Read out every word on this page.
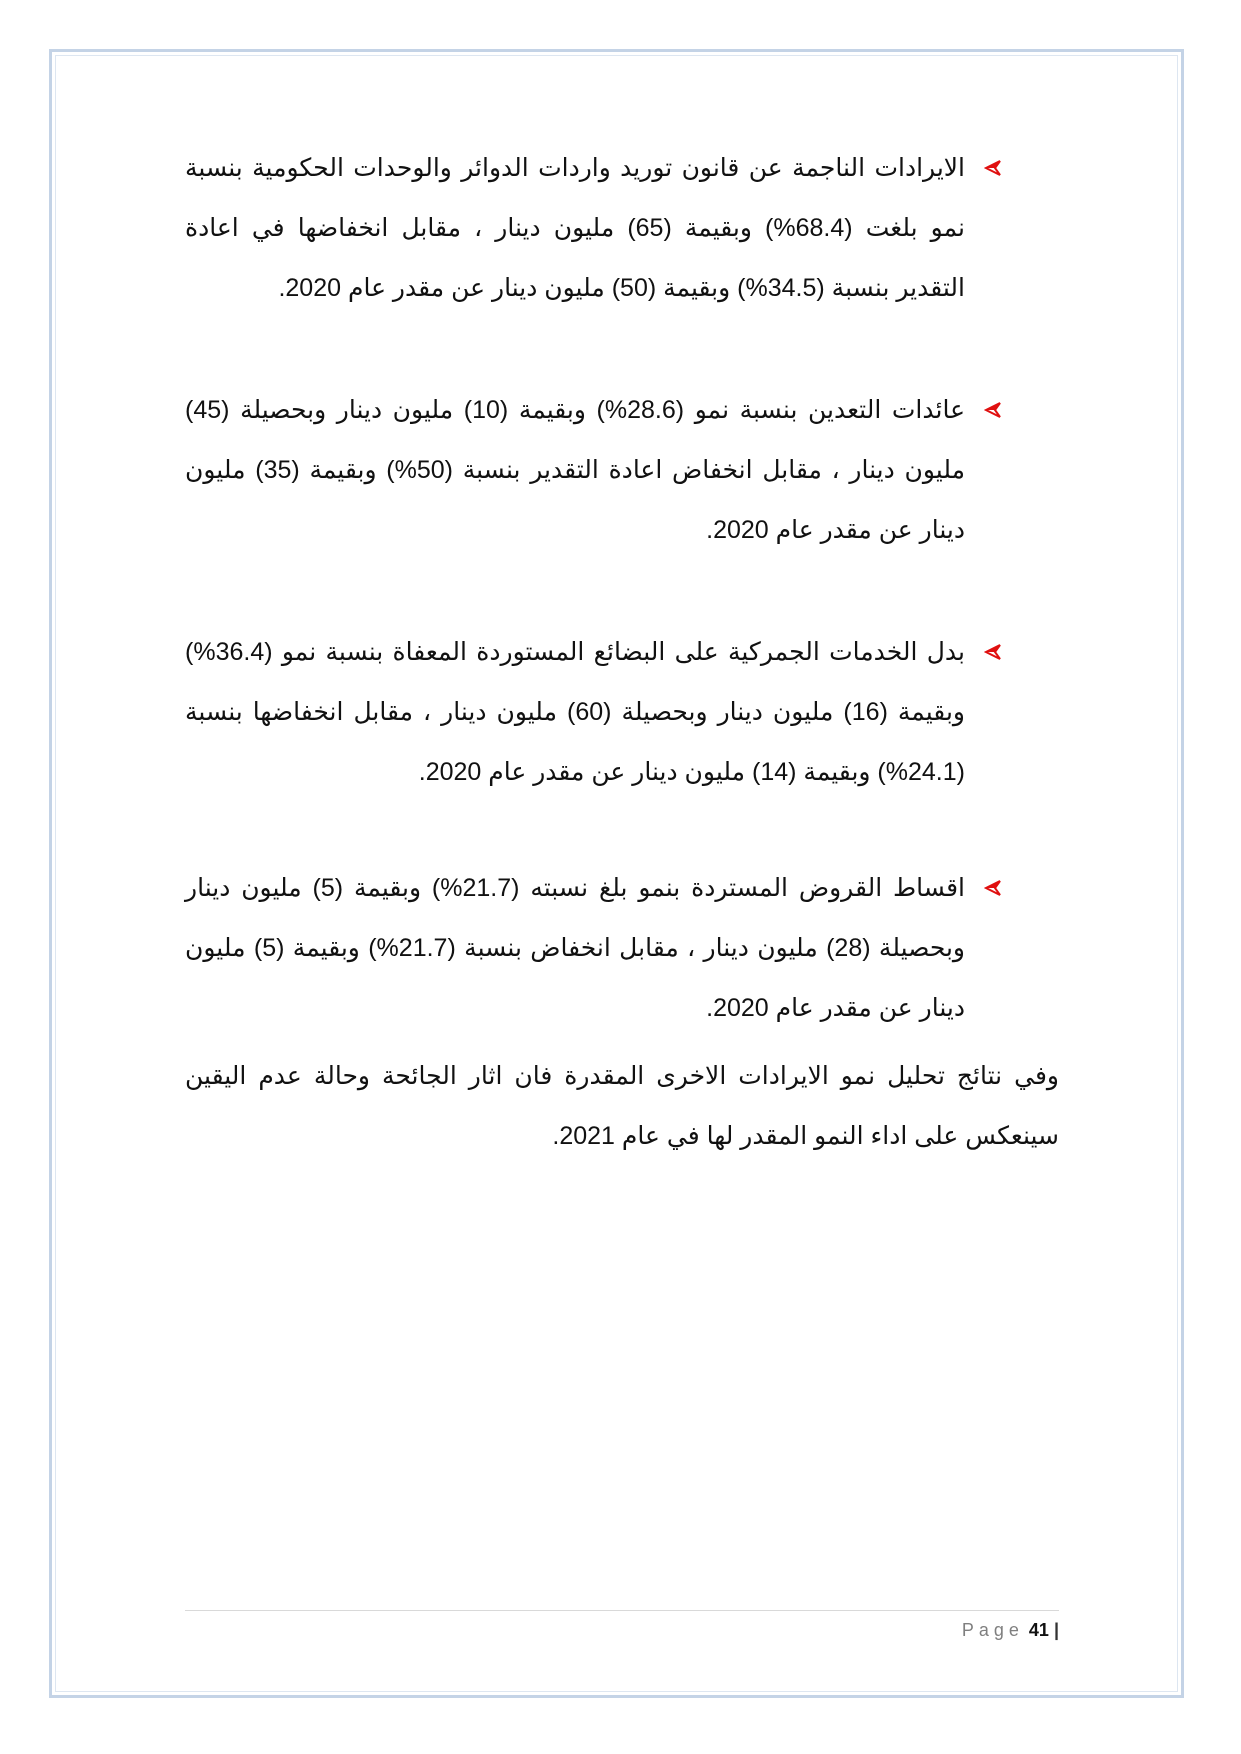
الايرادات الناجمة عن قانون توريد واردات الدوائر والوحدات الحكومية بنسبة نمو بلغت (68.4%) وبقيمة (65) مليون دينار ، مقابل انخفاضها في اعادة التقدير بنسبة (34.5%) وبقيمة (50) مليون دينار عن مقدر عام 2020.
عائدات التعدين بنسبة نمو (28.6%) وبقيمة (10) مليون دينار وبحصيلة (45) مليون دينار ، مقابل انخفاض اعادة التقدير بنسبة (50%) وبقيمة (35) مليون دينار عن مقدر عام 2020.
بدل الخدمات الجمركية على البضائع المستوردة المعفاة بنسبة نمو (36.4%) وبقيمة (16) مليون دينار وبحصيلة (60) مليون دينار ، مقابل انخفاضها بنسبة (24.1%) وبقيمة (14) مليون دينار عن مقدر عام 2020.
اقساط القروض المستردة بنمو بلغ نسبته (21.7%) وبقيمة (5) مليون دينار وبحصيلة (28) مليون دينار ، مقابل انخفاض بنسبة (21.7%) وبقيمة (5) مليون دينار عن مقدر عام 2020.

وفي نتائج تحليل نمو الايرادات الاخرى المقدرة فان اثار الجائحة وحالة عدم اليقين سينعكس على اداء النمو المقدر لها في عام 2021.

| Page 41
